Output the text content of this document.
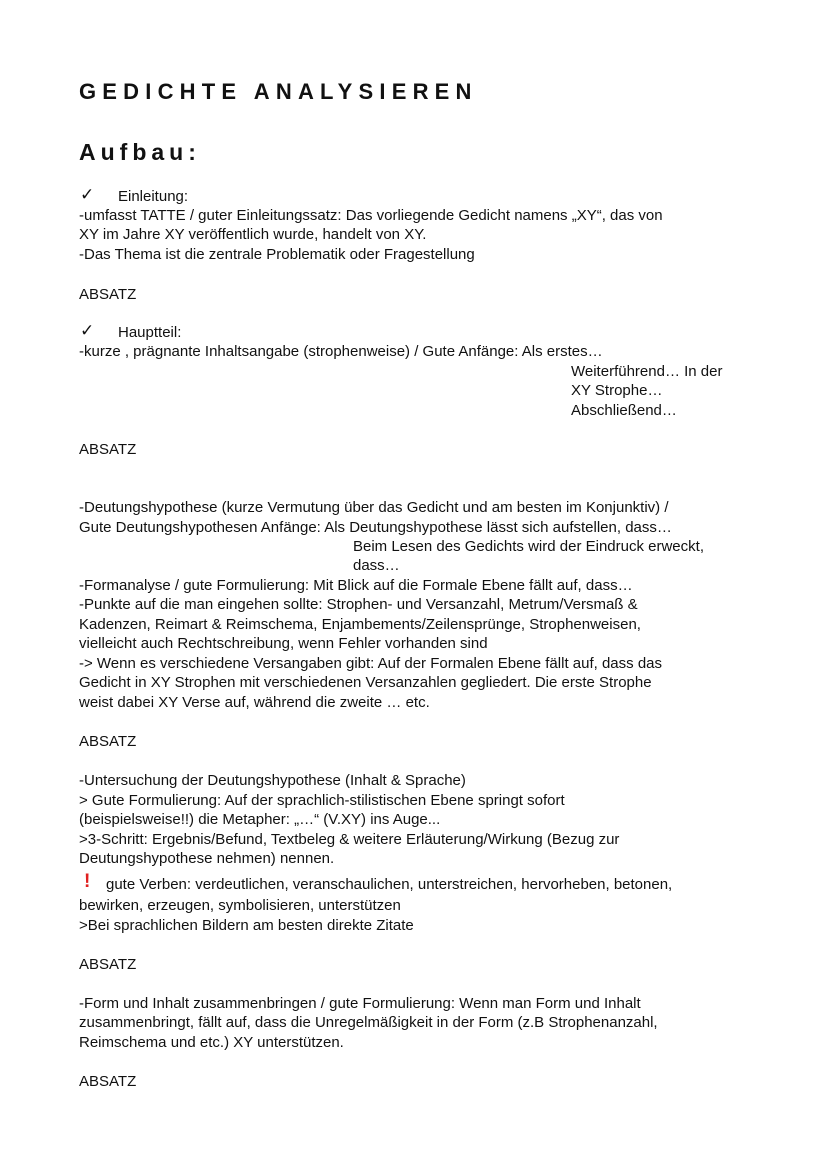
GEDICHTE ANALYSIEREN
Aufbau:
✓ Einleitung:
-umfasst TATTE / guter Einleitungssatz: Das vorliegende Gedicht namens „XY“, das von
XY im Jahre XY veröffentlich wurde, handelt von XY.
-Das Thema ist die zentrale Problematik oder Fragestellung
ABSATZ
✓ Hauptteil:
-kurze , prägnante Inhaltsangabe (strophenweise) / Gute Anfänge: Als erstes…
Weiterführend… In der
XY Strophe…
Abschließend…
ABSATZ
-Deutungshypothese (kurze Vermutung über das Gedicht und am besten im Konjunktiv) /
Gute Deutungshypothesen Anfänge: Als Deutungshypothese lässt sich aufstellen, dass…
Beim Lesen des Gedichts wird der Eindruck erweckt,
dass…
-Formanalyse / gute Formulierung: Mit Blick auf die Formale Ebene fällt auf, dass…
-Punkte auf die man eingehen sollte: Strophen- und Versanzahl, Metrum/Versmaß &
Kadenzen, Reimart & Reimschema, Enjambements/Zeilensprünge, Strophenweisen,
vielleicht auch Rechtschreibung, wenn Fehler vorhanden sind
-> Wenn es verschiedene Versangaben gibt: Auf der Formalen Ebene fällt auf, dass das
Gedicht in XY Strophen mit verschiedenen Versanzahlen gegliedert. Die erste Strophe
weist dabei XY Verse auf, während die zweite … etc.
ABSATZ
-Untersuchung der Deutungshypothese (Inhalt & Sprache)
> Gute Formulierung: Auf der sprachlich-stilistischen Ebene springt sofort
(beispielsweise!!) die Metapher: „…“ (V.XY) ins Auge...
>3-Schritt: Ergebnis/Befund, Textbeleg & weitere Erläuterung/Wirkung (Bezug zur
Deutungshypothese nehmen) nennen.
! gute Verben: verdeutlichen, veranschaulichen, unterstreichen, hervorheben, betonen,
bewirken, erzeugen, symbolisieren, unterstützen
>Bei sprachlichen Bildern am besten direkte Zitate
ABSATZ
-Form und Inhalt zusammenbringen / gute Formulierung: Wenn man Form und Inhalt
zusammenbringt, fällt auf, dass die Unregelmäßigkeit in der Form (z.B Strophenanzahl,
Reimschema und etc.) XY unterstützen.
ABSATZ
